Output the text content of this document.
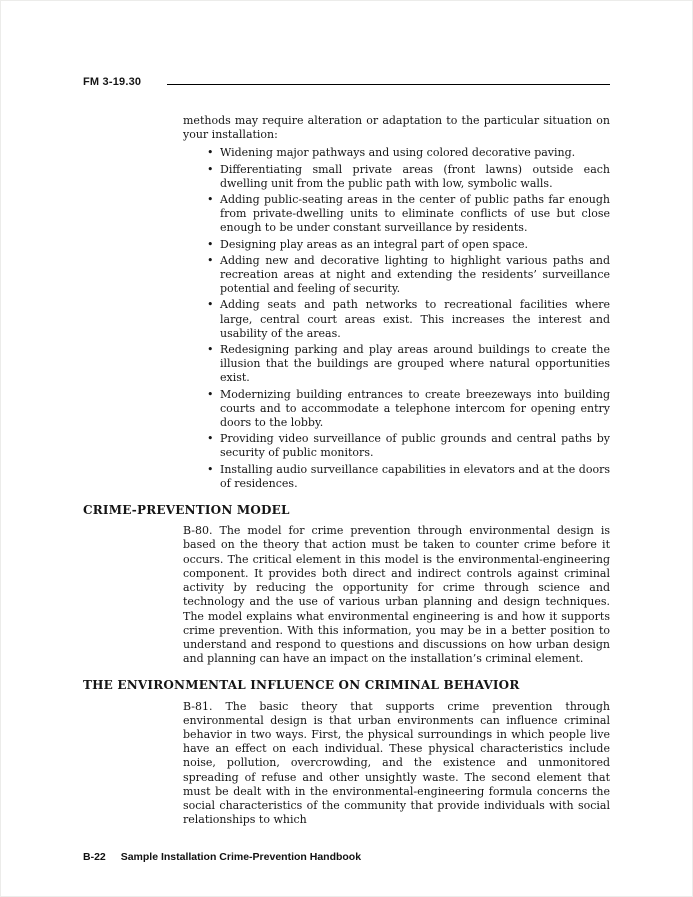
FM 3-19.30

methods may require alteration or adaptation to the particular situation on your installation:

• Widening major pathways and using colored decorative paving.
• Differentiating small private areas (front lawns) outside each dwelling unit from the public path with low, symbolic walls.
• Adding public-seating areas in the center of public paths far enough from private-dwelling units to eliminate conflicts of use but close enough to be under constant surveillance by residents.
• Designing play areas as an integral part of open space.
• Adding new and decorative lighting to highlight various paths and recreation areas at night and extending the residents’ surveillance potential and feeling of security.
• Adding seats and path networks to recreational facilities where large, central court areas exist. This increases the interest and usability of the areas.
• Redesigning parking and play areas around buildings to create the illusion that the buildings are grouped where natural opportunities exist.
• Modernizing building entrances to create breezeways into building courts and to accommodate a telephone intercom for opening entry doors to the lobby.
• Providing video surveillance of public grounds and central paths by security of public monitors.
• Installing audio surveillance capabilities in elevators and at the doors of residences.
CRIME-PREVENTION MODEL

B-80. The model for crime prevention through environmental design is based on the theory that action must be taken to counter crime before it occurs. The critical element in this model is the environmental-engineering component. It provides both direct and indirect controls against criminal activity by reducing the opportunity for crime through science and technology and the use of various urban planning and design techniques. The model explains what environmental engineering is and how it supports crime prevention. With this information, you may be in a better position to understand and respond to questions and discussions on how urban design and planning can have an impact on the installation’s criminal element.

THE ENVIRONMENTAL INFLUENCE ON CRIMINAL BEHAVIOR

B-81. The basic theory that supports crime prevention through environmental design is that urban environments can influence criminal behavior in two ways. First, the physical surroundings in which people live have an effect on each individual. These physical characteristics include noise, pollution, overcrowding, and the existence and unmonitored spreading of refuse and other unsightly waste. The second element that must be dealt with in the environmental-engineering formula concerns the social characteristics of the community that provide individuals with social relationships to which

B-22 Sample Installation Crime-Prevention Handbook
